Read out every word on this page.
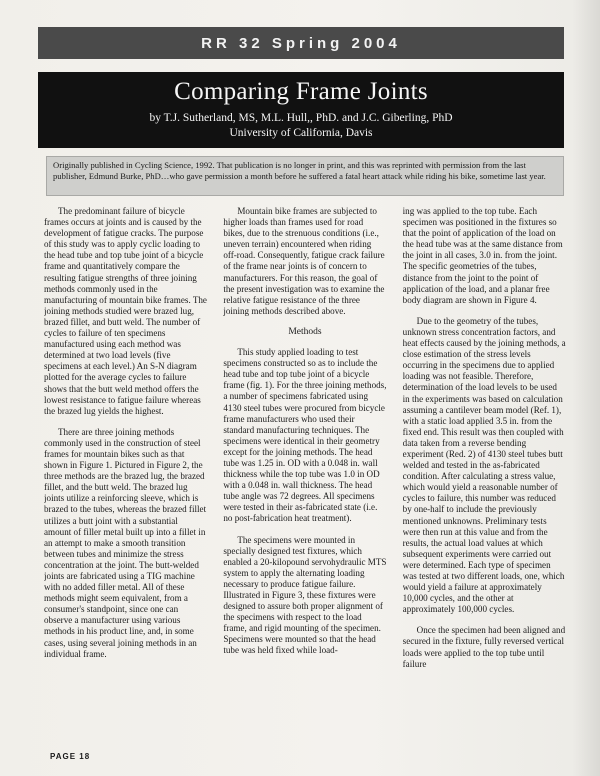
RR 32 Spring 2004
Comparing Frame Joints
by T.J. Sutherland, MS, M.L. Hull,, PhD. and J.C. Giberling, PhD
University of California, Davis
Originally published in Cycling Science, 1992. That publication is no longer in print, and this was reprinted with permission from the last publisher, Edmund Burke, PhD…who gave permission a month before he suffered a fatal heart attack while riding his bike, sometime last year.

The predominant failure of bicycle frames occurs at joints and is caused by the development of fatigue cracks. The purpose of this study was to apply cyclic loading to the head tube and top tube joint of a bicycle frame and quantitatively compare the resulting fatigue strengths of three joining methods commonly used in the manufacturing of mountain bike frames. The joining methods studied were brazed lug, brazed fillet, and butt weld. The number of cycles to failure of ten specimens manufactured using each method was determined at two load levels (five specimens at each level.) An S-N diagram plotted for the average cycles to failure shows that the butt weld method offers the lowest resistance to fatigue failure whereas the brazed lug yields the highest.

There are three joining methods commonly used in the construction of steel frames for mountain bikes such as that shown in Figure 1. Pictured in Figure 2, the three methods are the brazed lug, the brazed fillet, and the butt weld. The brazed lug joints utilize a reinforcing sleeve, which is brazed to the tubes, whereas the brazed fillet utilizes a butt joint with a substantial amount of filler metal built up into a fillet in an attempt to make a smooth transition between tubes and minimize the stress concentration at the joint. The butt-welded joints are fabricated using a TIG machine with no added filler metal. All of these methods might seem equivalent, from a consumer's standpoint, since one can observe a manufacturer using various methods in his product line, and, in some cases, using several joining methods in an individual frame.

Mountain bike frames are subjected to higher loads than frames used for road bikes, due to the strenuous conditions (i.e., uneven terrain) encountered when riding off-road. Consequently, fatigue crack failure of the frame near joints is of concern to manufacturers. For this reason, the goal of the present investigation was to examine the relative fatigue resistance of the three joining methods described above.

Methods

This study applied loading to test specimens constructed so as to include the head tube and top tube joint of a bicycle frame (fig. 1). For the three joining methods, a number of specimens fabricated using 4130 steel tubes were procured from bicycle frame manufacturers who used their standard manufacturing techniques. The specimens were identical in their geometry except for the joining methods. The head tube was 1.25 in. OD with a 0.048 in. wall thickness while the top tube was 1.0 in OD with a 0.048 in. wall thickness. The head tube angle was 72 degrees. All specimens were tested in their as-fabricated state (i.e. no post-fabrication heat treatment).

The specimens were mounted in specially designed test fixtures, which enabled a 20-kilopound servohydraulic MTS system to apply the alternating loading necessary to produce fatigue failure. Illustrated in Figure 3, these fixtures were designed to assure both proper alignment of the specimens with respect to the load frame, and rigid mounting of the specimen. Specimens were mounted so that the head tube was held fixed while load-

ing was applied to the top tube. Each specimen was positioned in the fixtures so that the point of application of the load on the head tube was at the same distance from the joint in all cases, 3.0 in. from the joint. The specific geometries of the tubes, distance from the joint to the point of application of the load, and a planar free body diagram are shown in Figure 4.

Due to the geometry of the tubes, unknown stress concentration factors, and heat effects caused by the joining methods, a close estimation of the stress levels occurring in the specimens due to applied loading was not feasible. Therefore, determination of the load levels to be used in the experiments was based on calculation assuming a cantilever beam model (Ref. 1), with a static load applied 3.5 in. from the fixed end. This result was then coupled with data taken from a reverse bending experiment (Red. 2) of 4130 steel tubes butt welded and tested in the as-fabricated condition. After calculating a stress value, which would yield a reasonable number of cycles to failure, this number was reduced by one-half to include the previously mentioned unknowns. Preliminary tests were then run at this value and from the results, the actual load values at which subsequent experiments were carried out were determined. Each type of specimen was tested at two different loads, one, which would yield a failure at approximately 10,000 cycles, and the other at approximately 100,000 cycles.

Once the specimen had been aligned and secured in the fixture, fully reversed vertical loads were applied to the top tube until failure

PAGE 18
